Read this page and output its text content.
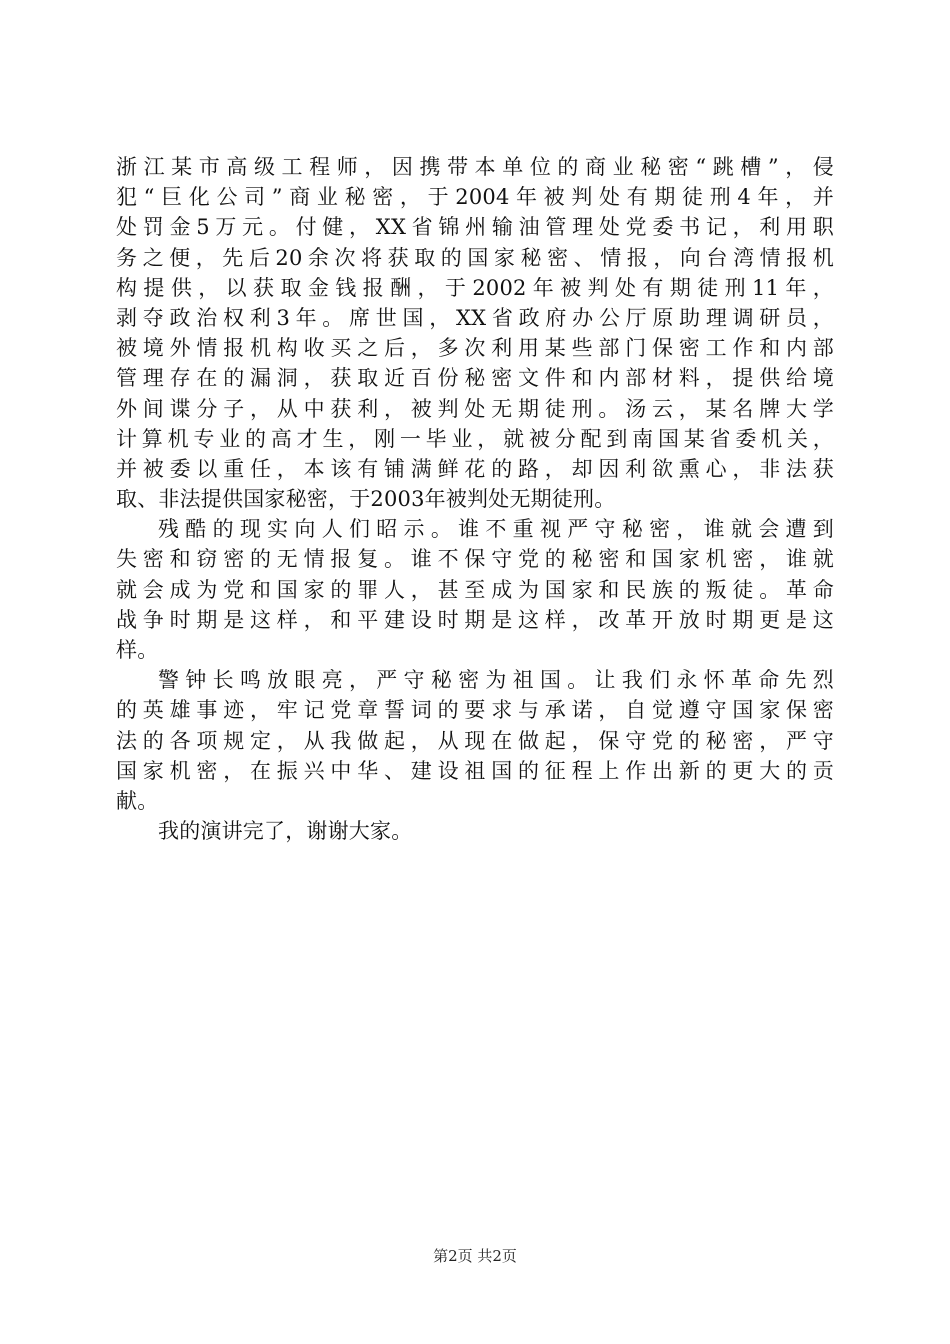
浙江某市高级工程师，因携带本单位的商业秘密“跳槽”，侵
犯“巨化公司”商业秘密，于2004年被判处有期徒刑4年，并
处罚金5万元。付健，XX省锦州输油管理处党委书记，利用职
务之便，先后20余次将获取的国家秘密、情报，向台湾情报机
构提供，以获取金钱报酬，于2002年被判处有期徒刑11年，
剥夺政治权利3年。席世国，XX省政府办公厅原助理调研员，
被境外情报机构收买之后，多次利用某些部门保密工作和内部
管理存在的漏洞，获取近百份秘密文件和内部材料，提供给境
外间谍分子，从中获利，被判处无期徒刑。汤云，某名牌大学
计算机专业的高才生，刚一毕业，就被分配到南国某省委机关，
并被委以重任，本该有铺满鲜花的路，却因利欲熏心，非法获
取、非法提供国家秘密，于2003年被判处无期徒刑。
残酷的现实向人们昭示。谁不重视严守秘密，谁就会遭到
失密和窃密的无情报复。谁不保守党的秘密和国家机密，谁就
就会成为党和国家的罪人，甚至成为国家和民族的叛徒。革命
战争时期是这样，和平建设时期是这样，改革开放时期更是这
样。
警钟长鸣放眼亮，严守秘密为祖国。让我们永怀革命先烈
的英雄事迹，牢记党章誓词的要求与承诺，自觉遵守国家保密
法的各项规定，从我做起，从现在做起，保守党的秘密，严守
国家机密，在振兴中华、建设祖国的征程上作出新的更大的贡
献。
我的演讲完了，谢谢大家。
第2页 共2页
